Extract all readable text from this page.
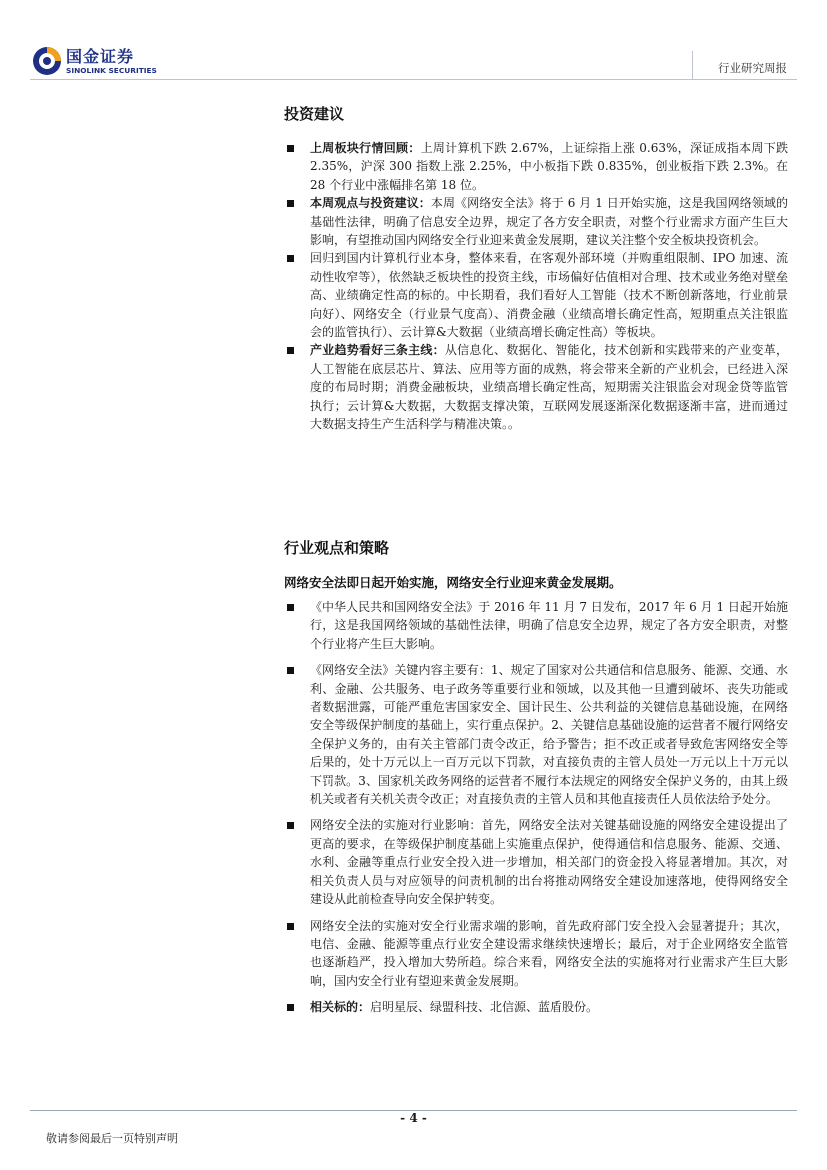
国金证券
SINOLINK SECURITIES	行业研究周报
投资建议
上周板块行情回顾：上周计算机下跌 2.67%，上证综指上涨 0.63%，深证成指本周下跌 2.35%，沪深 300 指数上涨 2.25%，中小板指下跌 0.835%，创业板指下跌 2.3%。在 28 个行业中涨幅排名第 18 位。
本周观点与投资建议：本周《网络安全法》将于 6 月 1 日开始实施，这是我国网络领域的基础性法律，明确了信息安全边界，规定了各方安全职责，对整个行业需求方面产生巨大影响，有望推动国内网络安全行业迎来黄金发展期，建议关注整个安全板块投资机会。
回归到国内计算机行业本身，整体来看，在客观外部环境（并购重组限制、IPO 加速、流动性收窄等），依然缺乏板块性的投资主线，市场偏好估值相对合理、技术或业务绝对壁垒高、业绩确定性高的标的。中长期看，我们看好人工智能（技术不断创新落地，行业前景向好）、网络安全（行业景气度高）、消费金融（业绩高增长确定性高，短期重点关注银监会的监管执行）、云计算&大数据（业绩高增长确定性高）等板块。
产业趋势看好三条主线：从信息化、数据化、智能化，技术创新和实践带来的产业变革，人工智能在底层芯片、算法、应用等方面的成熟，将会带来全新的产业机会，已经进入深度的布局时期；消费金融板块，业绩高增长确定性高，短期需关注银监会对现金贷等监管执行；云计算&大数据，大数据支撑决策，互联网发展逐渐深化数据逐渐丰富，进而通过大数据支持生产生活科学与精准决策。。
行业观点和策略
网络安全法即日起开始实施，网络安全行业迎来黄金发展期。
《中华人民共和国网络安全法》于 2016 年 11 月 7 日发布，2017 年 6 月 1 日起开始施行，这是我国网络领域的基础性法律，明确了信息安全边界，规定了各方安全职责，对整个行业将产生巨大影响。
《网络安全法》关键内容主要有：1、规定了国家对公共通信和信息服务、能源、交通、水利、金融、公共服务、电子政务等重要行业和领域，以及其他一旦遭到破坏、丧失功能或者数据泄露，可能严重危害国家安全、国计民生、公共利益的关键信息基础设施，在网络安全等级保护制度的基础上，实行重点保护。2、关键信息基础设施的运营者不履行网络安全保护义务的，由有关主管部门责令改正，给予警告；拒不改正或者导致危害网络安全等后果的，处十万元以上一百万元以下罚款，对直接负责的主管人员处一万元以上十万元以下罚款。3、国家机关政务网络的运营者不履行本法规定的网络安全保护义务的，由其上级机关或者有关机关责令改正；对直接负责的主管人员和其他直接责任人员依法给予处分。
网络安全法的实施对行业影响：首先，网络安全法对关键基础设施的网络安全建设提出了更高的要求，在等级保护制度基础上实施重点保护，使得通信和信息服务、能源、交通、水利、金融等重点行业安全投入进一步增加，相关部门的资金投入将显著增加。其次，对相关负责人员与对应领导的问责机制的出台将推动网络安全建设加速落地，使得网络安全建设从此前检查导向安全保护转变。
网络安全法的实施对安全行业需求端的影响，首先政府部门安全投入会显著提升；其次，电信、金融、能源等重点行业安全建设需求继续快速增长；最后，对于企业网络安全监管也逐渐趋严，投入增加大势所趋。综合来看，网络安全法的实施将对行业需求产生巨大影响，国内安全行业有望迎来黄金发展期。
相关标的：启明星辰、绿盟科技、北信源、蓝盾股份。
- 4 -
敬请参阅最后一页特别声明
